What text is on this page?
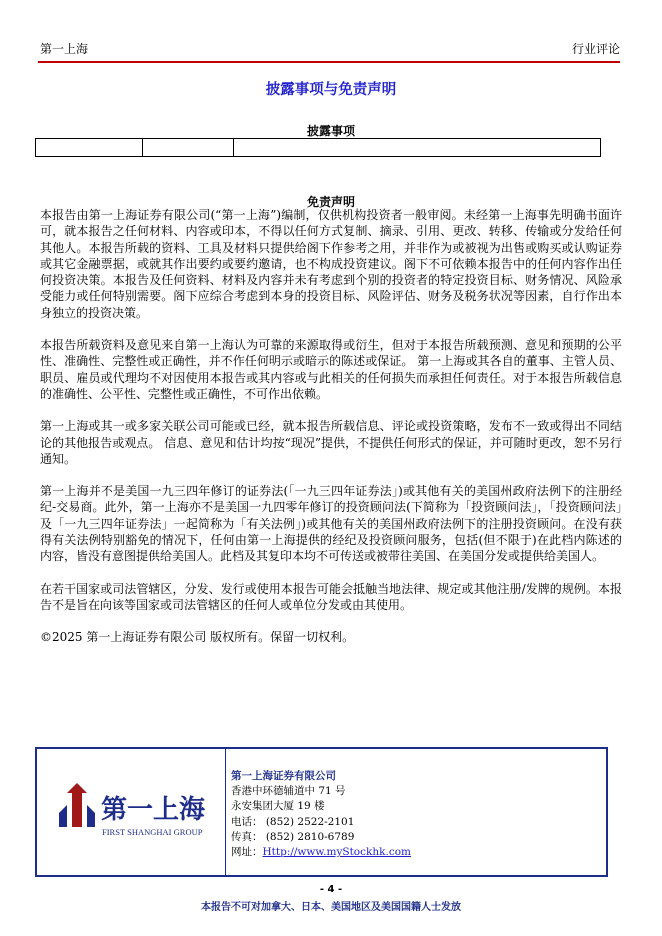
第一上海	行业评论
披露事项与免责声明
披露事项

免责声明

本报告由第一上海证券有限公司(“第一上海”)编制，仅供机构投资者一般审阅。未经第一上海事先明确书面许可，就本报告之任何材料、内容或印本，不得以任何方式复制、摘录、引用、更改、转移、传输或分发给任何其他人。本报告所载的资料、工具及材料只提供给阁下作参考之用，并非作为或被视为出售或购买或认购证券或其它金融票据，或就其作出要约或要约邀请，也不构成投资建议。阁下不可依赖本报告中的任何内容作出任何投资决策。本报告及任何资料、材料及内容并未有考虑到个别的投资者的特定投资目标、财务情况、风险承受能力或任何特别需要。阁下应综合考虑到本身的投资目标、风险评估、财务及税务状况等因素，自行作出本身独立的投资决策。

本报告所载资料及意见来自第一上海认为可靠的来源取得或衍生，但对于本报告所载预测、意见和预期的公平性、准确性、完整性或正确性，并不作任何明示或暗示的陈述或保证。 第一上海或其各自的董事、主管人员、职员、雇员或代理均不对因使用本报告或其内容或与此相关的任何损失而承担任何责任。对于本报告所载信息的准确性、公平性、完整性或正确性，不可作出依赖。

第一上海或其一或多家关联公司可能或已经，就本报告所载信息、评论或投资策略，发布不一致或得出不同结论的其他报告或观点。 信息、意见和估计均按“现况”提供，不提供任何形式的保证，并可随时更改，恕不另行通知。

第一上海并不是美国一九三四年修订的证券法(「一九三四年证券法」)或其他有关的美国州政府法例下的注册经纪-交易商。此外，第一上海亦不是美国一九四零年修订的投资顾问法(下简称为「投资顾问法」，「投资顾问法」及「一九三四年证券法」一起简称为「有关法例」)或其他有关的美国州政府法例下的注册投资顾问。在没有获得有关法例特别豁免的情况下，任何由第一上海提供的经纪及投资顾问服务，包括(但不限于)在此档内陈述的内容，皆没有意图提供给美国人。此档及其复印本均不可传送或被带往美国、在美国分发或提供给美国人。

在若干国家或司法管辖区，分发、发行或使用本报告可能会抵触当地法律、规定或其他注册/发牌的规例。本报告不是旨在向该等国家或司法管辖区的任何人或单位分发或由其使用。

©2025 第一上海证券有限公司 版权所有。保留一切权利。

第一上海
FIRST SHANGHAI GROUP
第一上海证券有限公司
香港中环德辅道中 71 号
永安集团大厦 19 楼
电话： (852) 2522-2101
传真： (852) 2810-6789
网址：Http://www.myStockhk.com
- 4 -
本报告不可对加拿大、日本、美国地区及美国国籍人士发放
